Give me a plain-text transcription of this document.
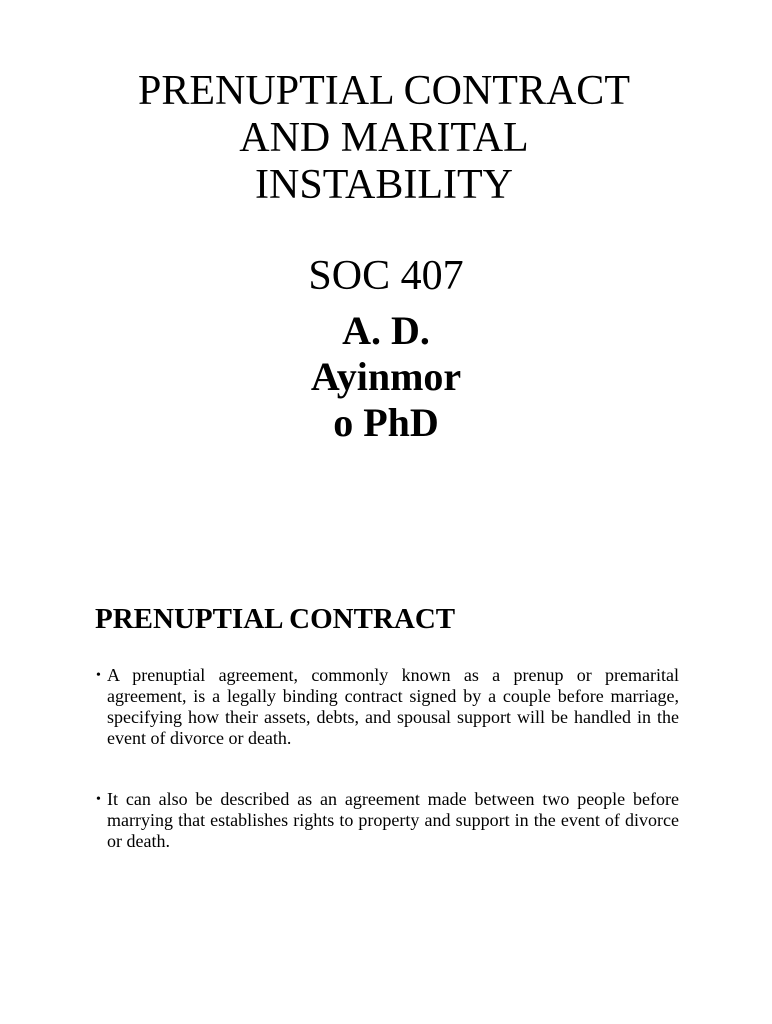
PRENUPTIAL CONTRACT
AND MARITAL
INSTABILITY
SOC 407
A. D.
Ayinmor
o PhD
PRENUPTIAL CONTRACT
• A prenuptial agreement, commonly known as a prenup or premarital agreement, is a legally binding contract signed by a couple before marriage, specifying how their assets, debts, and spousal support will be handled in the event of divorce or death.
• It can also be described as an agreement made between two people before marrying that establishes rights to property and support in the event of divorce or death.
